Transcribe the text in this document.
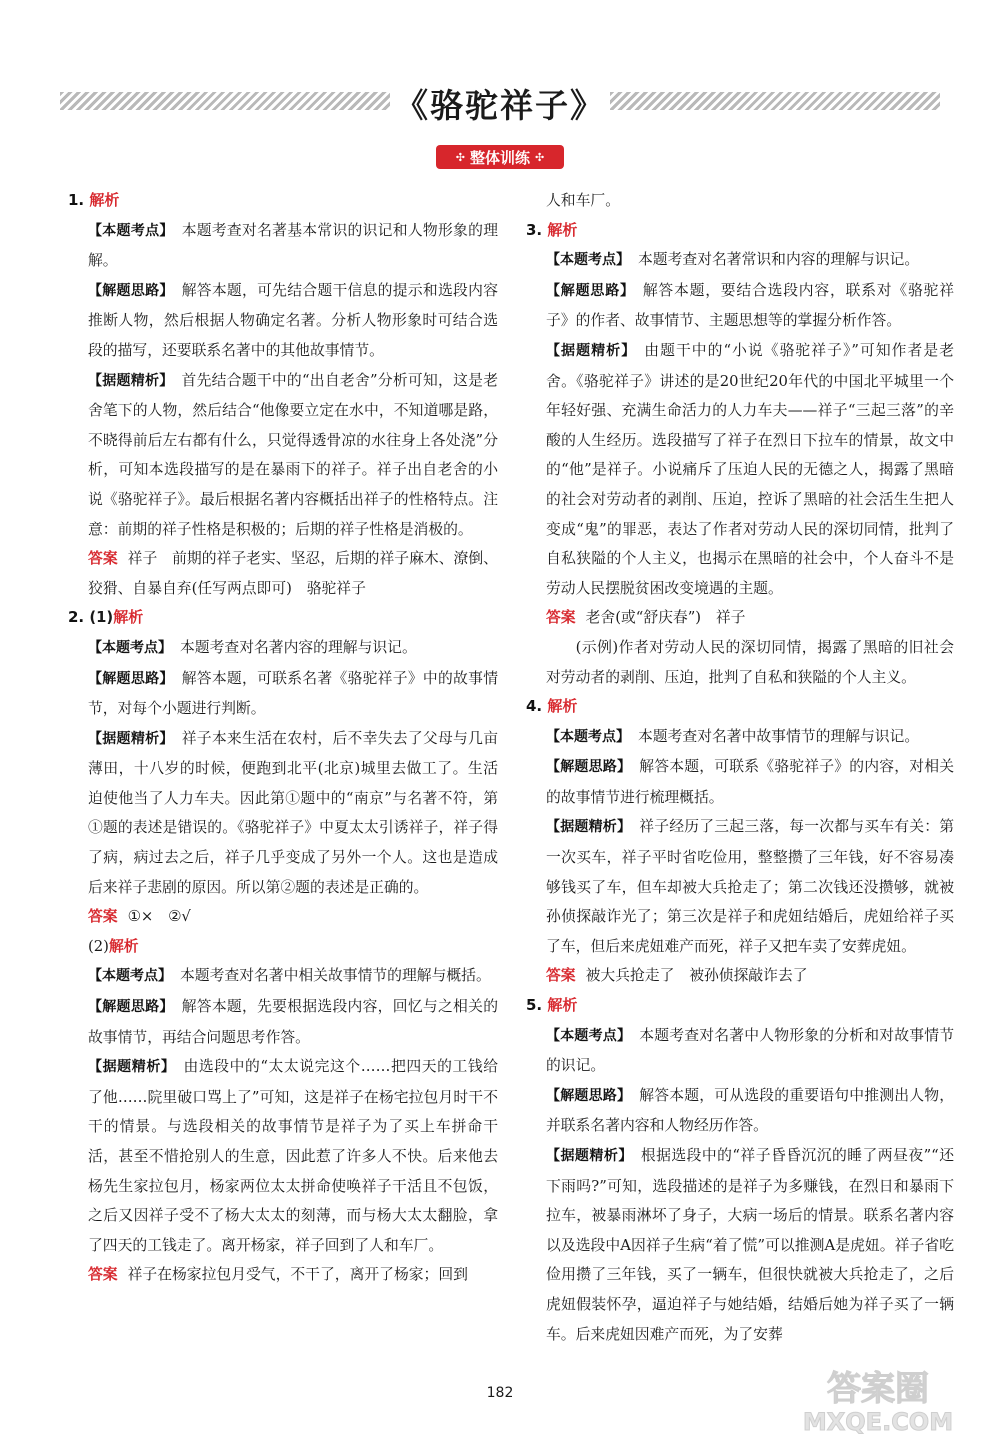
《骆驼祥子》
✣ 整体训练 ✣
1. 解析

【本题考点】 本题考查对名著基本常识的识记和人物形象的理解。

【解题思路】 解答本题，可先结合题干信息的提示和选段内容推断人物，然后根据人物确定名著。分析人物形象时可结合选段的描写，还要联系名著中的其他故事情节。

【据题精析】 首先结合题干中的“出自老舍”分析可知，这是老舍笔下的人物，然后结合“他像要立定在水中，不知道哪是路，不晓得前后左右都有什么，只觉得透骨凉的水往身上各处浇”分析，可知本选段描写的是在暴雨下的祥子。祥子出自老舍的小说《骆驼祥子》。最后根据名著内容概括出祥子的性格特点。注意：前期的祥子性格是积极的；后期的祥子性格是消极的。

答案 祥子　前期的祥子老实、坚忍，后期的祥子麻木、潦倒、狡猾、自暴自弃(任写两点即可)　骆驼祥子

2. (1)解析

【本题考点】 本题考查对名著内容的理解与识记。

【解题思路】 解答本题，可联系名著《骆驼祥子》中的故事情节，对每个小题进行判断。

【据题精析】 祥子本来生活在农村，后不幸失去了父母与几亩薄田，十八岁的时候，便跑到北平(北京)城里去做工了。生活迫使他当了人力车夫。因此第①题中的“南京”与名著不符，第①题的表述是错误的。《骆驼祥子》中夏太太引诱祥子，祥子得了病，病过去之后，祥子几乎变成了另外一个人。这也是造成后来祥子悲剧的原因。所以第②题的表述是正确的。

答案 ①×　②√

(2)解析

【本题考点】 本题考查对名著中相关故事情节的理解与概括。

【解题思路】 解答本题，先要根据选段内容，回忆与之相关的故事情节，再结合问题思考作答。

【据题精析】 由选段中的“太太说完这个……把四天的工钱给了他……院里破口骂上了”可知，这是祥子在杨宅拉包月时干不干的情景。与选段相关的故事情节是祥子为了买上车拼命干活，甚至不惜抢别人的生意，因此惹了许多人不快。后来他去杨先生家拉包月，杨家两位太太拼命使唤祥子干活且不包饭，之后又因祥子受不了杨大太太的刻薄，而与杨大太太翻脸，拿了四天的工钱走了。离开杨家，祥子回到了人和车厂。

答案 祥子在杨家拉包月受气，不干了，离开了杨家；回到

人和车厂。

3. 解析

【本题考点】 本题考查对名著常识和内容的理解与识记。

【解题思路】 解答本题，要结合选段内容，联系对《骆驼祥子》的作者、故事情节、主题思想等的掌握分析作答。

【据题精析】 由题干中的“小说《骆驼祥子》”可知作者是老舍。《骆驼祥子》讲述的是20世纪20年代的中国北平城里一个年轻好强、充满生命活力的人力车夫——祥子“三起三落”的辛酸的人生经历。选段描写了祥子在烈日下拉车的情景，故文中的“他”是祥子。小说痛斥了压迫人民的无德之人，揭露了黑暗的社会对劳动者的剥削、压迫，控诉了黑暗的社会活生生把人变成“鬼”的罪恶，表达了作者对劳动人民的深切同情，批判了自私狭隘的个人主义，也揭示在黑暗的社会中，个人奋斗不是劳动人民摆脱贫困改变境遇的主题。

答案 老舍(或“舒庆春”)　祥子

(示例)作者对劳动人民的深切同情，揭露了黑暗的旧社会对劳动者的剥削、压迫，批判了自私和狭隘的个人主义。

4. 解析

【本题考点】 本题考查对名著中故事情节的理解与识记。

【解题思路】 解答本题，可联系《骆驼祥子》的内容，对相关的故事情节进行梳理概括。

【据题精析】 祥子经历了三起三落，每一次都与买车有关：第一次买车，祥子平时省吃俭用，整整攒了三年钱，好不容易凑够钱买了车，但车却被大兵抢走了；第二次钱还没攒够，就被孙侦探敲诈光了；第三次是祥子和虎妞结婚后，虎妞给祥子买了车，但后来虎妞难产而死，祥子又把车卖了安葬虎妞。

答案 被大兵抢走了　被孙侦探敲诈去了

5. 解析

【本题考点】 本题考查对名著中人物形象的分析和对故事情节的识记。

【解题思路】 解答本题，可从选段的重要语句中推测出人物，并联系名著内容和人物经历作答。

【据题精析】 根据选段中的“祥子昏昏沉沉的睡了两昼夜”“还下雨吗?”可知，选段描述的是祥子为多赚钱，在烈日和暴雨下拉车，被暴雨淋坏了身子，大病一场后的情景。联系名著内容以及选段中A因祥子生病“着了慌”可以推测A是虎妞。祥子省吃俭用攒了三年钱，买了一辆车，但很快就被大兵抢走了，之后虎妞假装怀孕，逼迫祥子与她结婚，结婚后她为祥子买了一辆车。后来虎妞因难产而死，为了安葬

182	答案圈
MXQE.COM
